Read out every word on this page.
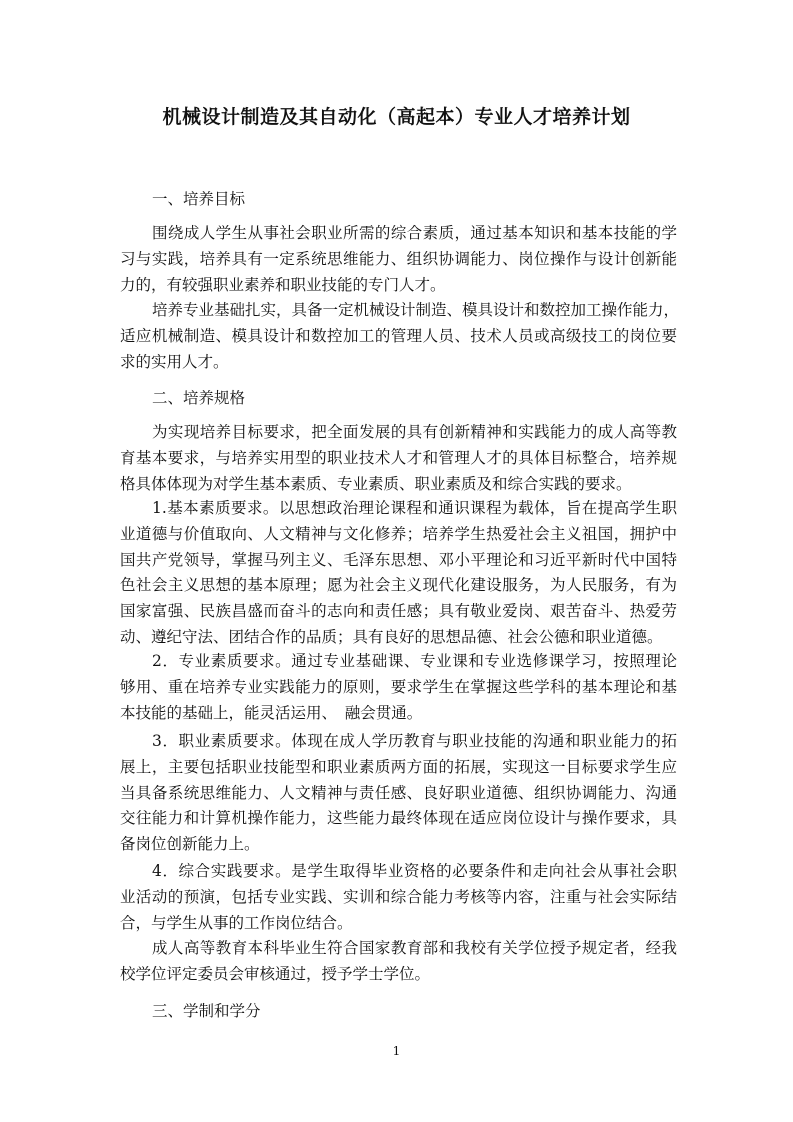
机械设计制造及其自动化（高起本）专业人才培养计划
一、培养目标
围绕成人学生从事社会职业所需的综合素质，通过基本知识和基本技能的学
习与实践，培养具有一定系统思维能力、组织协调能力、岗位操作与设计创新能
力的，有较强职业素养和职业技能的专门人才。
培养专业基础扎实，具备一定机械设计制造、模具设计和数控加工操作能力，
适应机械制造、模具设计和数控加工的管理人员、技术人员或高级技工的岗位要
求的实用人才。
二、培养规格
为实现培养目标要求，把全面发展的具有创新精神和实践能力的成人高等教
育基本要求，与培养实用型的职业技术人才和管理人才的具体目标整合，培养规
格具体体现为对学生基本素质、专业素质、职业素质及和综合实践的要求。
1.基本素质要求。以思想政治理论课程和通识课程为载体，旨在提高学生职
业道德与价值取向、人文精神与文化修养；培养学生热爱社会主义祖国，拥护中
国共产党领导，掌握马列主义、毛泽东思想、邓小平理论和习近平新时代中国特
色社会主义思想的基本原理；愿为社会主义现代化建设服务，为人民服务，有为
国家富强、民族昌盛而奋斗的志向和责任感；具有敬业爱岗、艰苦奋斗、热爱劳
动、遵纪守法、团结合作的品质；具有良好的思想品德、社会公德和职业道德。
2．专业素质要求。通过专业基础课、专业课和专业选修课学习，按照理论
够用、重在培养专业实践能力的原则，要求学生在掌握这些学科的基本理论和基
本技能的基础上，能灵活运用、　融会贯通。
3．职业素质要求。体现在成人学历教育与职业技能的沟通和职业能力的拓
展上，主要包括职业技能型和职业素质两方面的拓展，实现这一目标要求学生应
当具备系统思维能力、人文精神与责任感、良好职业道德、组织协调能力、沟通
交往能力和计算机操作能力，这些能力最终体现在适应岗位设计与操作要求，具
备岗位创新能力上。
4．综合实践要求。是学生取得毕业资格的必要条件和走向社会从事社会职
业活动的预演，包括专业实践、实训和综合能力考核等内容，注重与社会实际结
合，与学生从事的工作岗位结合。
成人高等教育本科毕业生符合国家教育部和我校有关学位授予规定者，经我
校学位评定委员会审核通过，授予学士学位。
三、学制和学分
1
